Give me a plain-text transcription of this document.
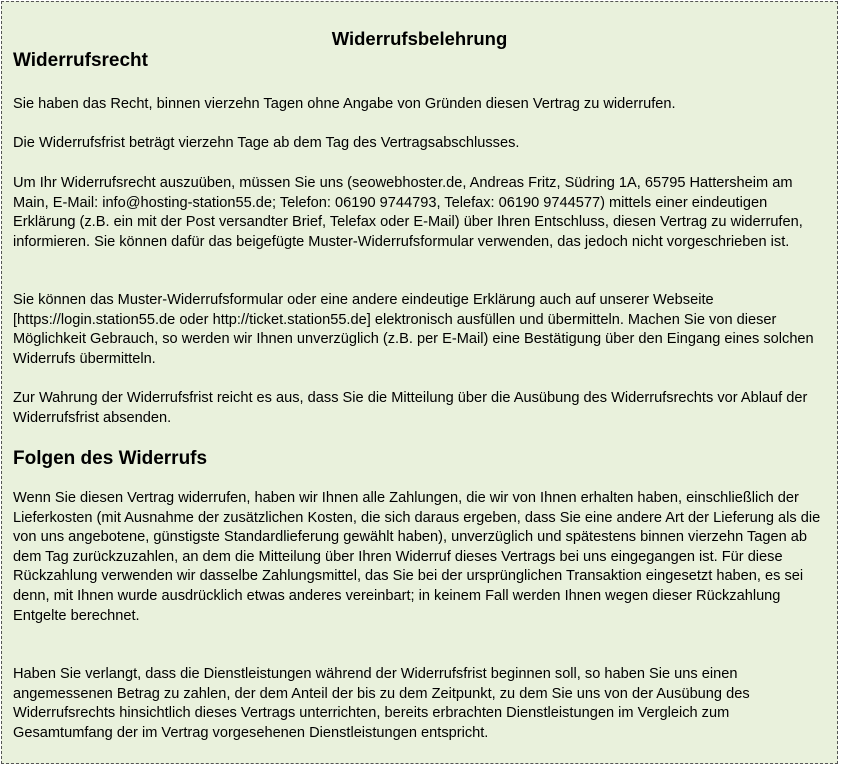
Widerrufsbelehrung
Widerrufsrecht

Sie haben das Recht, binnen vierzehn Tagen ohne Angabe von Gründen diesen Vertrag zu widerrufen.

Die Widerrufsfrist beträgt vierzehn Tage ab dem Tag des Vertragsabschlusses.

Um Ihr Widerrufsrecht auszuüben, müssen Sie uns (seowebhoster.de, Andreas Fritz, Südring 1A, 65795 Hattersheim am Main, E-Mail: info@hosting-station55.de; Telefon: 06190 9744793, Telefax: 06190 9744577) mittels einer eindeutigen Erklärung (z.B. ein mit der Post versandter Brief, Telefax oder E-Mail) über Ihren Entschluss, diesen Vertrag zu widerrufen, informieren. Sie können dafür das beigefügte Muster-Widerrufsformular verwenden, das jedoch nicht vorgeschrieben ist.

Sie können das Muster-Widerrufsformular oder eine andere eindeutige Erklärung auch auf unserer Webseite [https://login.station55.de oder http://ticket.station55.de] elektronisch ausfüllen und übermitteln. Machen Sie von dieser Möglichkeit Gebrauch, so werden wir Ihnen unverzüglich (z.B. per E-Mail) eine Bestätigung über den Eingang eines solchen Widerrufs übermitteln.

Zur Wahrung der Widerrufsfrist reicht es aus, dass Sie die Mitteilung über die Ausübung des Widerrufsrechts vor Ablauf der Widerrufsfrist absenden.

Folgen des Widerrufs

Wenn Sie diesen Vertrag widerrufen, haben wir Ihnen alle Zahlungen, die wir von Ihnen erhalten haben, einschließlich der Lieferkosten (mit Ausnahme der zusätzlichen Kosten, die sich daraus ergeben, dass Sie eine andere Art der Lieferung als die von uns angebotene, günstigste Standardlieferung gewählt haben), unverzüglich und spätestens binnen vierzehn Tagen ab dem Tag zurückzuzahlen, an dem die Mitteilung über Ihren Widerruf dieses Vertrags bei uns eingegangen ist. Für diese Rückzahlung verwenden wir dasselbe Zahlungsmittel, das Sie bei der ursprünglichen Transaktion eingesetzt haben, es sei denn, mit Ihnen wurde ausdrücklich etwas anderes vereinbart; in keinem Fall werden Ihnen wegen dieser Rückzahlung Entgelte berechnet.

Haben Sie verlangt, dass die Dienstleistungen während der Widerrufsfrist beginnen soll, so haben Sie uns einen angemessenen Betrag zu zahlen, der dem Anteil der bis zu dem Zeitpunkt, zu dem Sie uns von der Ausübung des Widerrufsrechts hinsichtlich dieses Vertrags unterrichten, bereits erbrachten Dienstleistungen im Vergleich zum Gesamtumfang der im Vertrag vorgesehenen Dienstleistungen entspricht.
